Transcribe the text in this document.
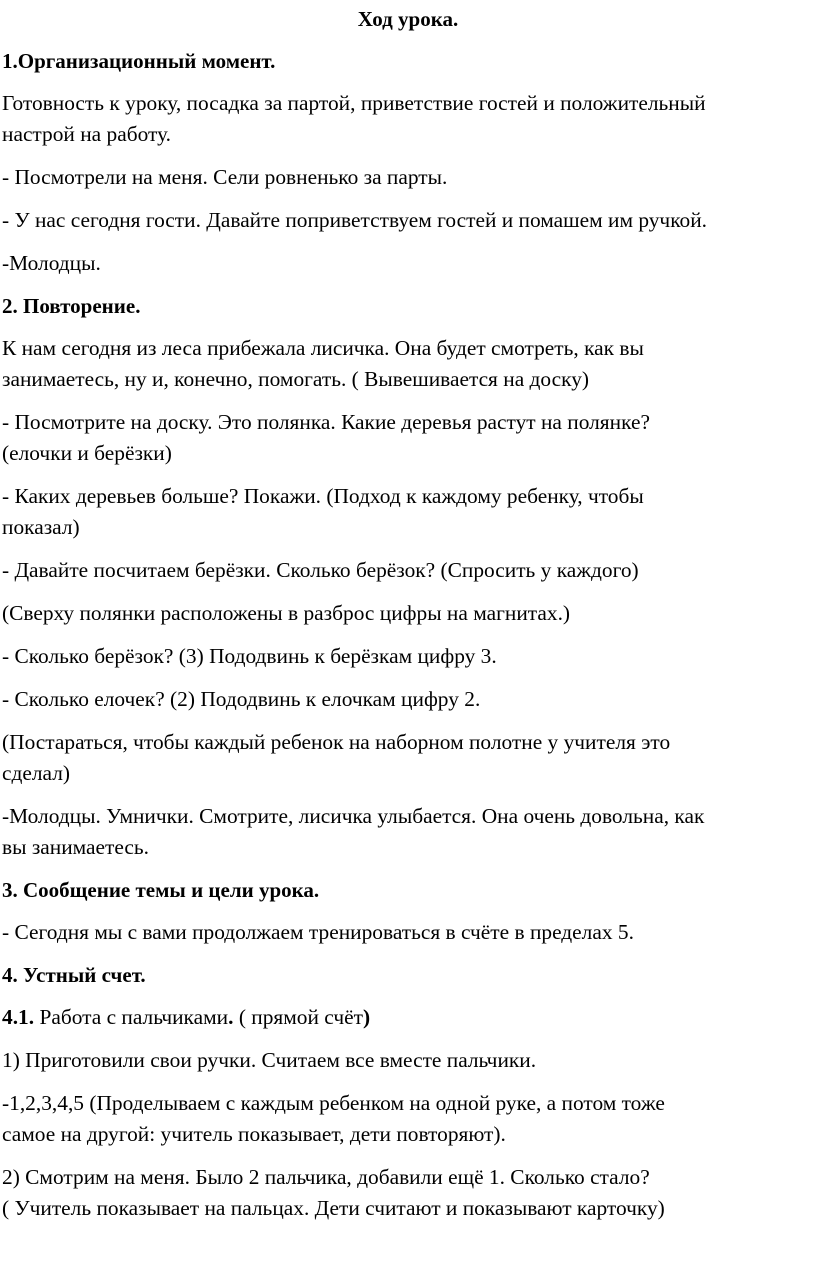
Ход урока.
1.Организационный момент.
Готовность к уроку, посадка за партой, приветствие гостей и положительный
настрой на работу.
- Посмотрели на меня. Сели ровненько за парты.
- У нас сегодня гости. Давайте поприветствуем гостей и помашем им ручкой.
-Молодцы.
2. Повторение.
К нам сегодня из леса прибежала лисичка. Она будет смотреть, как вы
занимаетесь, ну и, конечно, помогать. ( Вывешивается на доску)
- Посмотрите на доску. Это полянка. Какие деревья растут на полянке?
(елочки и берёзки)
- Каких деревьев больше? Покажи. (Подход к каждому ребенку, чтобы
показал)
- Давайте посчитаем берёзки. Сколько берёзок? (Спросить у каждого)
(Сверху полянки расположены в разброс цифры на магнитах.)
- Сколько берёзок? (3) Пододвинь к берёзкам цифру 3.
- Сколько елочек? (2) Пододвинь к елочкам цифру 2.
(Постараться, чтобы каждый ребенок на наборном полотне у учителя это
сделал)
-Молодцы. Умнички. Смотрите, лисичка улыбается. Она очень довольна, как
вы занимаетесь.
3. Сообщение темы и цели урока.
- Сегодня мы с вами продолжаем тренироваться в счёте в пределах 5.
4. Устный счет.
4.1. Работа с пальчиками. ( прямой счёт)
1) Приготовили свои ручки. Считаем все вместе пальчики.
-1,2,3,4,5 (Проделываем с каждым ребенком на одной руке, а потом тоже
самое на другой: учитель показывает, дети повторяют).
2) Смотрим на меня. Было 2 пальчика, добавили ещё 1. Сколько стало?
( Учитель показывает на пальцах. Дети считают и показывают карточку)
